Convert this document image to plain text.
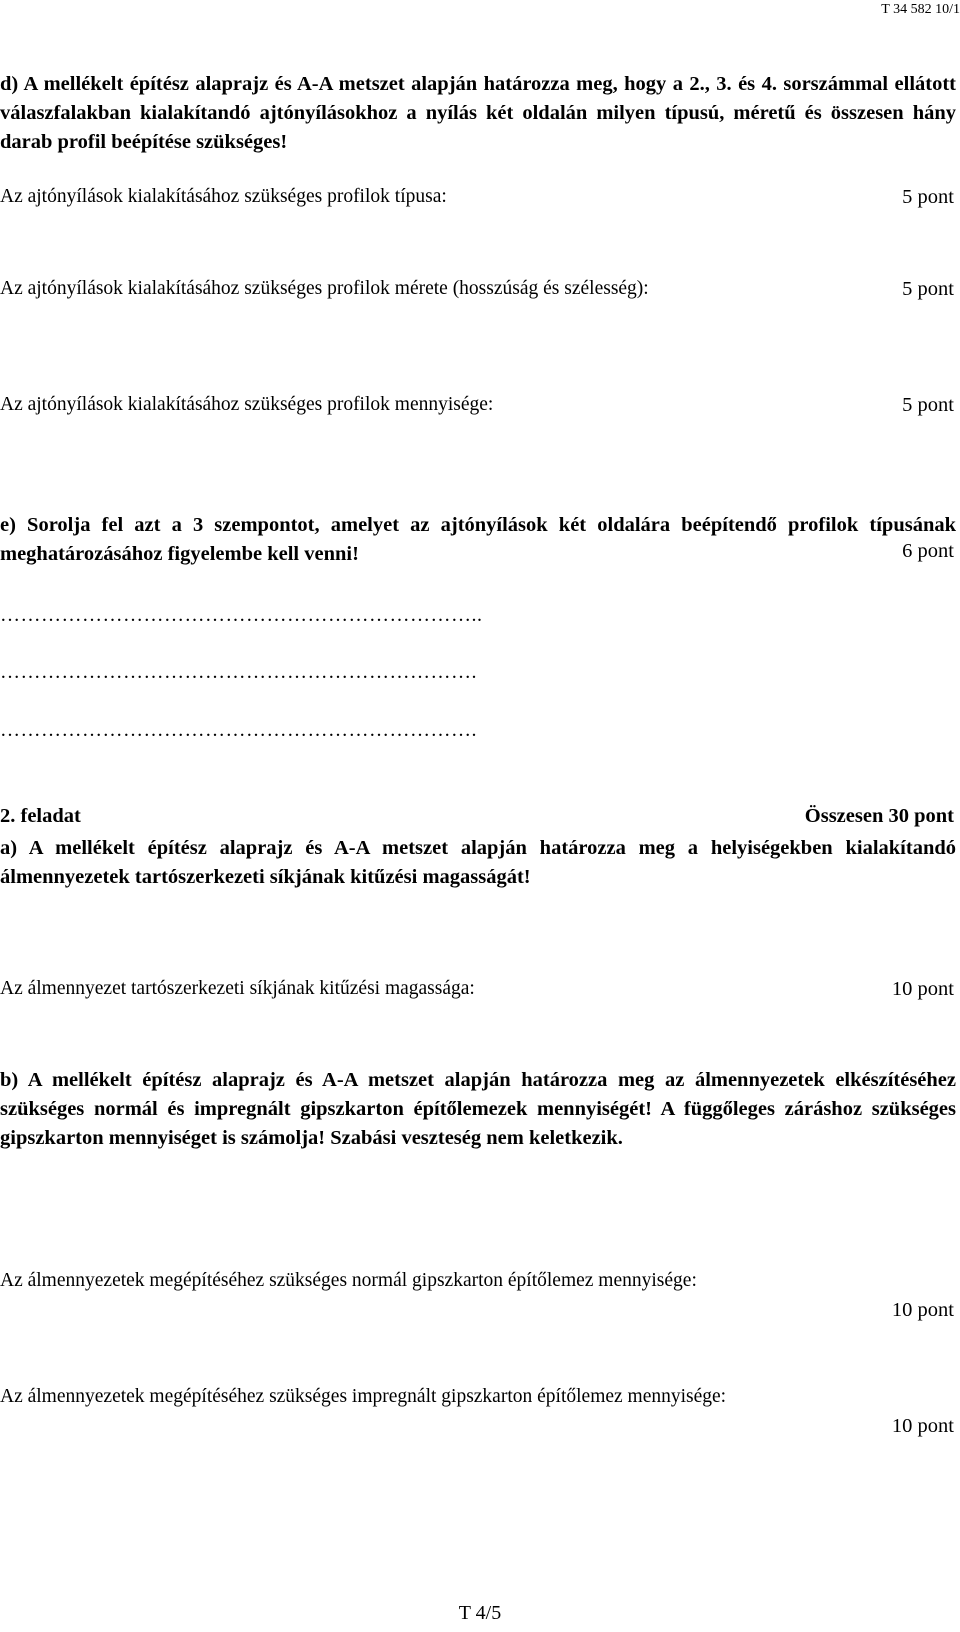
T 34 582 10/1
d) A mellékelt építész alaprajz és A-A metszet alapján határozza meg, hogy a 2., 3. és 4. sorszámmal ellátott válaszfalakban kialakítandó ajtónyílásokhoz a nyílás két oldalán milyen típusú, méretű és összesen hány darab profil beépítése szükséges!
Az ajtónyílások kialakításához szükséges profilok típusa:	5 pont
Az ajtónyílások kialakításához szükséges profilok mérete (hosszúság és szélesség):	5 pont
Az ajtónyílások kialakításához szükséges profilok mennyisége:	5 pont
e) Sorolja fel azt a 3 szempontot, amelyet az ajtónyílások két oldalára beépítendő profilok típusának meghatározásához figyelembe kell venni!	6 pont
……………………………………………………………..
…………………………………………………………….
…………………………………………………………….
2. feladat	Összesen 30 pont
a) A mellékelt építész alaprajz és A-A metszet alapján határozza meg a helyiségekben kialakítandó álmennyezetek tartószerkezeti síkjának kitűzési magasságát!
Az álmennyezet tartószerkezeti síkjának kitűzési magassága:	10 pont
b) A mellékelt építész alaprajz és A-A metszet alapján határozza meg az álmennyezetek elkészítéséhez szükséges normál és impregnált gipszkarton építőlemezek mennyiségét! A függőleges záráshoz szükséges gipszkarton mennyiséget is számolja! Szabási veszteség nem keletkezik.
Az álmennyezetek megépítéséhez szükséges normál gipszkarton építőlemez mennyisége:
10 pont
Az álmennyezetek megépítéséhez szükséges impregnált gipszkarton építőlemez mennyisége:
10 pont
T 4/5
